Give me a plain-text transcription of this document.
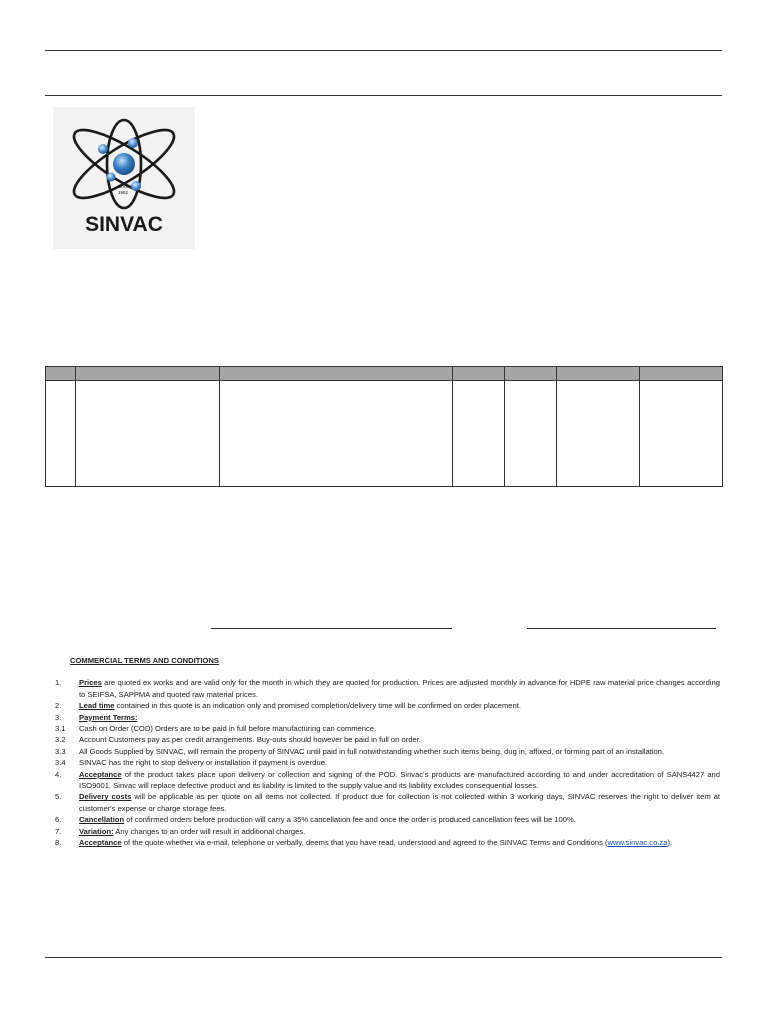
Since
1962
SINVAC

COMMERCIAL TERMS AND CONDITIONS
1.	Prices are quoted ex works and are valid only for the month in which they are quoted for production. Prices are adjusted monthly in advance for HDPE raw material price changes according to SEIFSA, SAPPMA and quoted raw material prices.
2.	Lead time contained in this quote is an indication only and promised completion/delivery time will be confirmed on order placement.
3.	Payment Terms:
3.1	Cash on Order (COD) Orders are to be paid in full before manufacturing can commence.
3.2	Account Customers pay as per credit arrangements. Buy-outs should however be paid in full on order.
3.3	All Goods Supplied by SINVAC, will remain the property of SINVAC until paid in full notwithstanding whether such items being, dug in, affixed, or forming part of an installation.
3.4	SINVAC has the right to stop delivery or installation if payment is overdue.
4.	Acceptance of the product takes place upon delivery or collection and signing of the POD. Sinvac's products are manufactured according to and under accreditation of SANS4427 and ISO9001. Sinvac will replace defective product and its liability is limited to the supply value and its liability excludes consequential losses.
5.	Delivery costs will be applicable as per quote on all items not collected. If product due for collection is not collected within 3 working days, SINVAC reserves the right to deliver item at customer's expense or charge storage fees.
6.	Cancellation of confirmed orders before production will carry a 35% cancellation fee and once the order is produced cancellation fees will be 100%.
7.	Variation: Any changes to an order will result in additional charges.
8.	Acceptance of the quote whether via e-mail, telephone or verbally, deems that you have read, understood and agreed to the SINVAC Terms and Conditions (www.sinvac.co.za).
